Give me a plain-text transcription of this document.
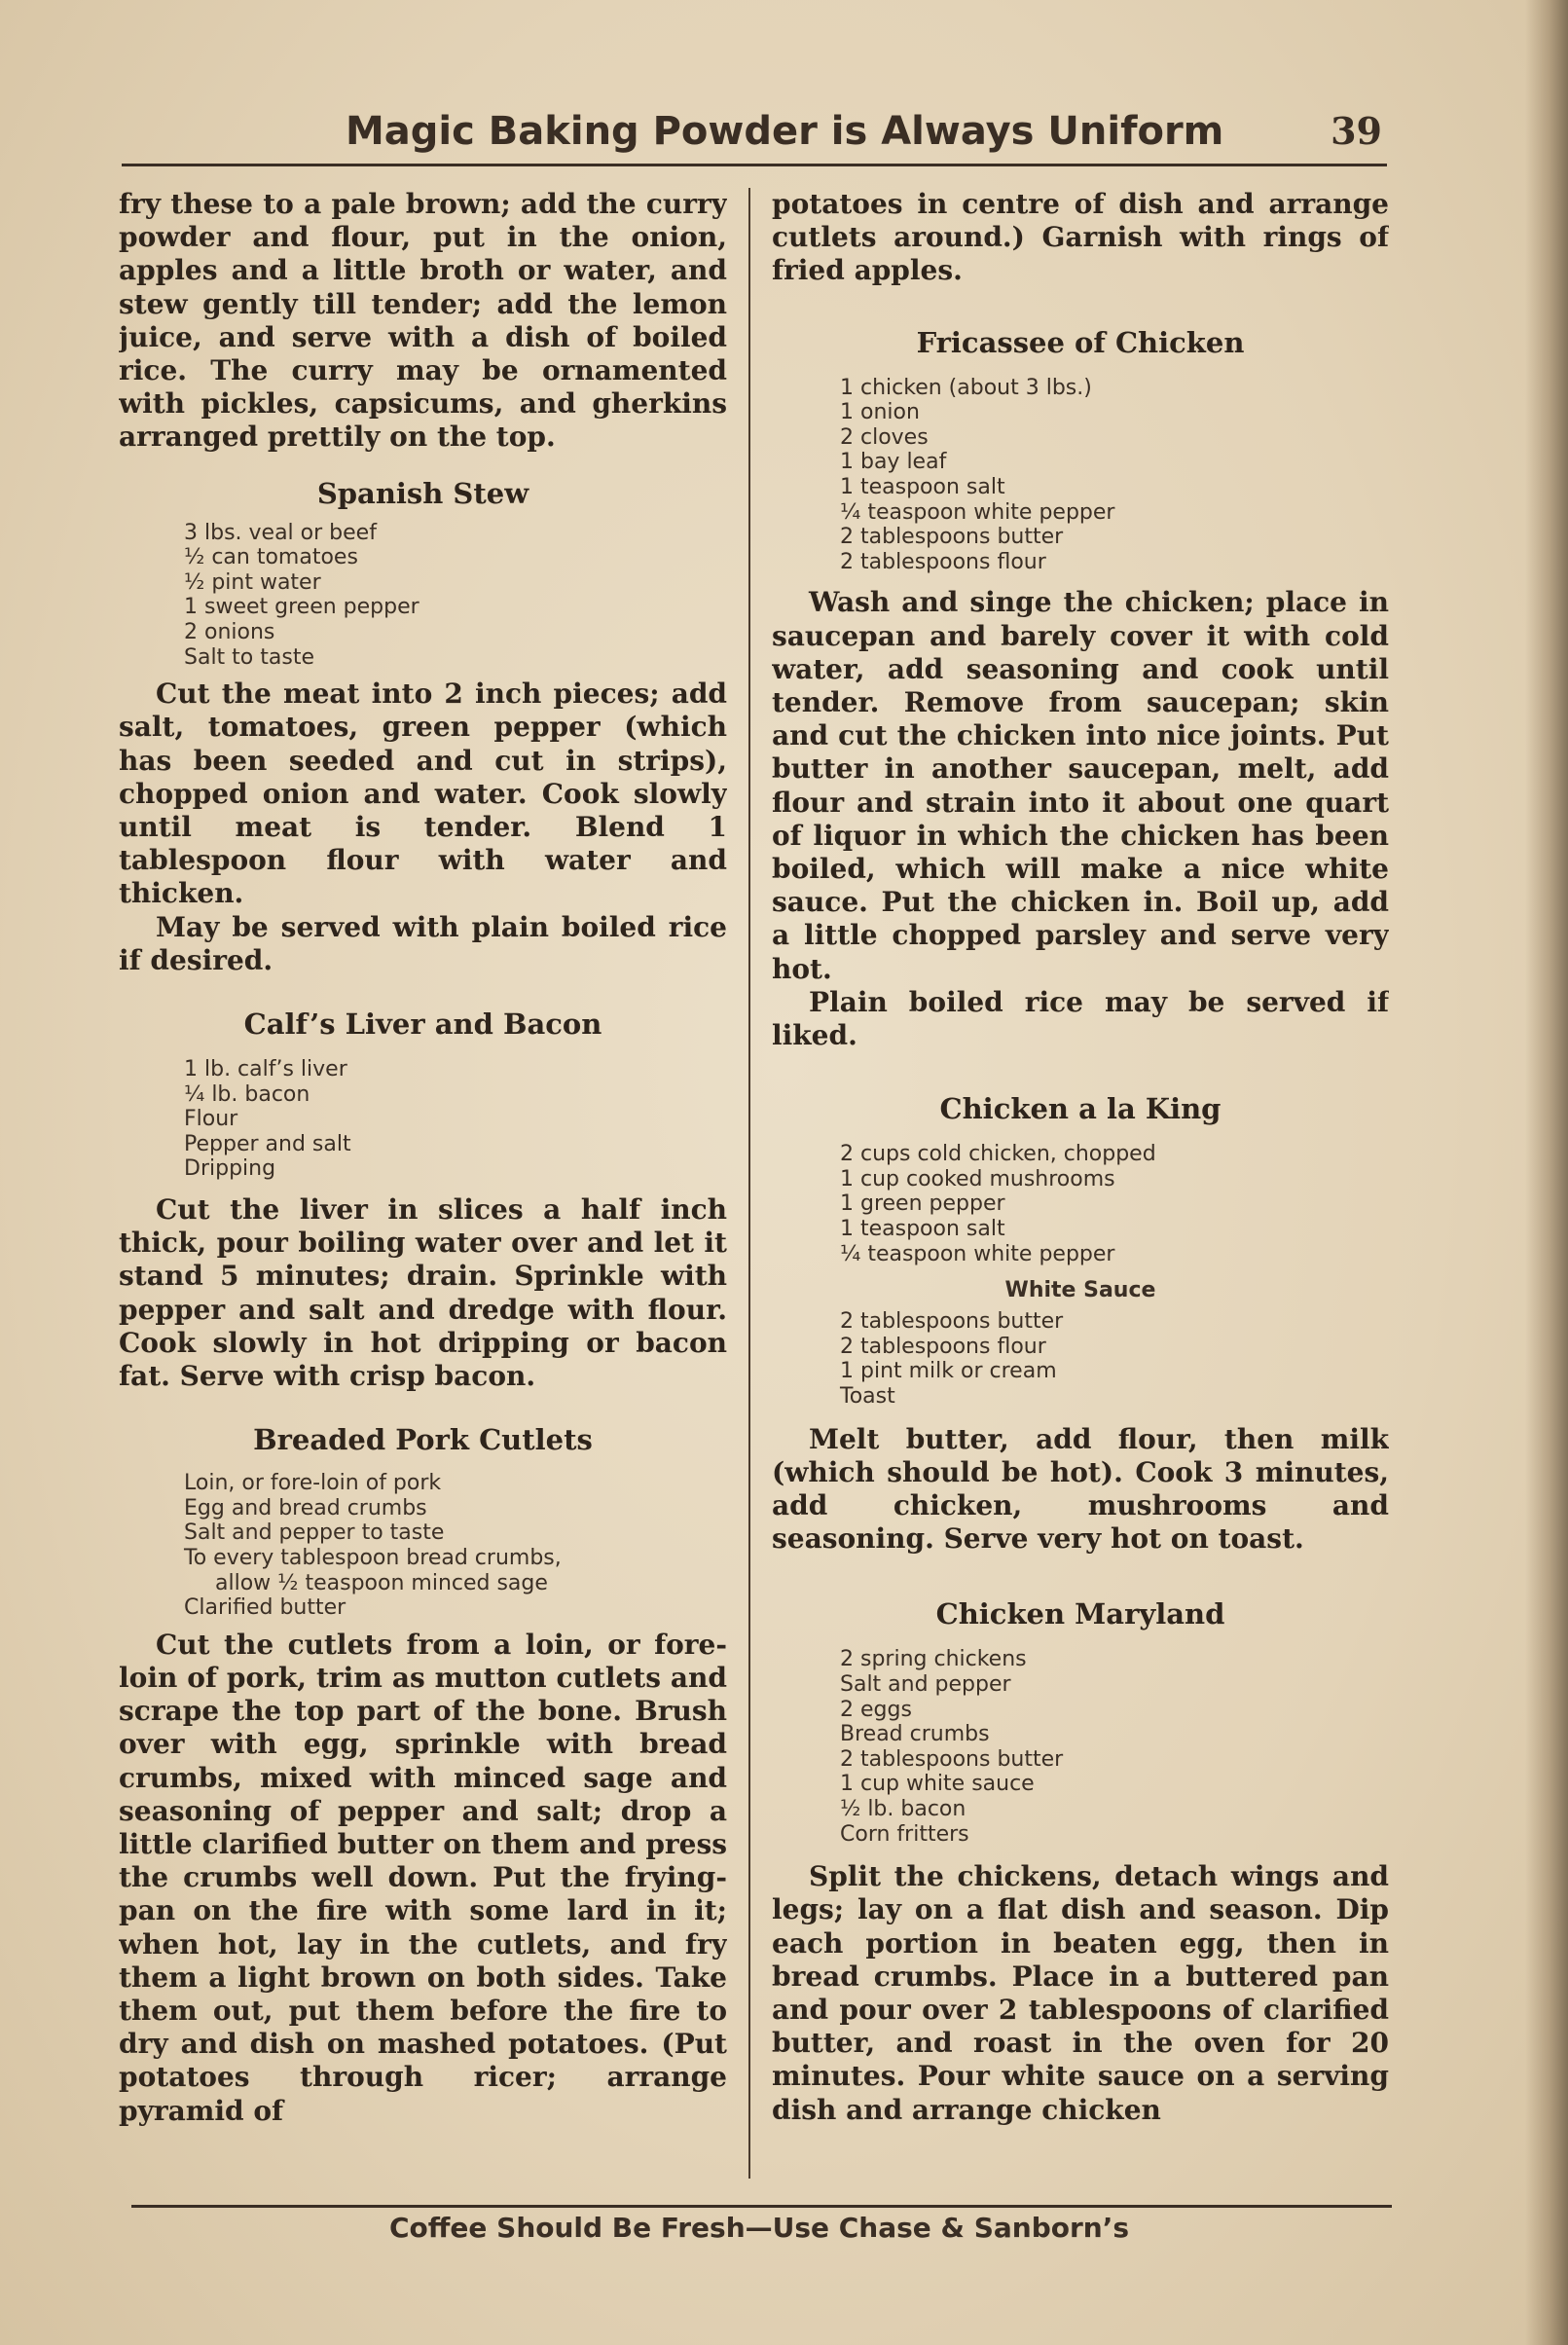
Magic Baking Powder is Always Uniform	39

fry these to a pale brown; add the curry powder and flour, put in the onion, apples and a little broth or water, and stew gently till tender; add the lemon juice, and serve with a dish of boiled rice. The curry may be ornamented with pickles, capsicums, and gherkins arranged prettily on the top.

Spanish Stew
3 lbs. veal or beef
½ can tomatoes
½ pint water
1 sweet green pepper
2 onions
Salt to taste

Cut the meat into 2 inch pieces; add salt, tomatoes, green pepper (which has been seeded and cut in strips), chopped onion and water. Cook slowly until meat is tender. Blend 1 tablespoon flour with water and thicken.

May be served with plain boiled rice if desired.

Calf’s Liver and Bacon
1 lb. calf’s liver
¼ lb. bacon
Flour
Pepper and salt
Dripping

Cut the liver in slices a half inch thick, pour boiling water over and let it stand 5 minutes; drain. Sprinkle with pepper and salt and dredge with flour. Cook slowly in hot dripping or bacon fat. Serve with crisp bacon.

Breaded Pork Cutlets
Loin, or fore-loin of pork
Egg and bread crumbs
Salt and pepper to taste
To every tablespoon bread crumbs,
allow ½ teaspoon minced sage
Clarified butter

Cut the cutlets from a loin, or fore-loin of pork, trim as mutton cutlets and scrape the top part of the bone. Brush over with egg, sprinkle with bread crumbs, mixed with minced sage and seasoning of pepper and salt; drop a little clarified butter on them and press the crumbs well down. Put the frying-pan on the fire with some lard in it; when hot, lay in the cutlets, and fry them a light brown on both sides. Take them out, put them before the fire to dry and dish on mashed potatoes. (Put potatoes through ricer; arrange pyramid of

potatoes in centre of dish and arrange cutlets around.) Garnish with rings of fried apples.

Fricassee of Chicken
1 chicken (about 3 lbs.)
1 onion
2 cloves
1 bay leaf
1 teaspoon salt
¼ teaspoon white pepper
2 tablespoons butter
2 tablespoons flour

Wash and singe the chicken; place in saucepan and barely cover it with cold water, add seasoning and cook until tender. Remove from saucepan; skin and cut the chicken into nice joints. Put butter in another saucepan, melt, add flour and strain into it about one quart of liquor in which the chicken has been boiled, which will make a nice white sauce. Put the chicken in. Boil up, add a little chopped parsley and serve very hot.

Plain boiled rice may be served if liked.

Chicken a la King
2 cups cold chicken, chopped
1 cup cooked mushrooms
1 green pepper
1 teaspoon salt
¼ teaspoon white pepper
White Sauce
2 tablespoons butter
2 tablespoons flour
1 pint milk or cream
Toast

Melt butter, add flour, then milk (which should be hot). Cook 3 minutes, add chicken, mushrooms and seasoning. Serve very hot on toast.

Chicken Maryland
2 spring chickens
Salt and pepper
2 eggs
Bread crumbs
2 tablespoons butter
1 cup white sauce
½ lb. bacon
Corn fritters

Split the chickens, detach wings and legs; lay on a flat dish and season. Dip each portion in beaten egg, then in bread crumbs. Place in a buttered pan and pour over 2 tablespoons of clarified butter, and roast in the oven for 20 minutes. Pour white sauce on a serving dish and arrange chicken

Coffee Should Be Fresh—Use Chase & Sanborn’s
